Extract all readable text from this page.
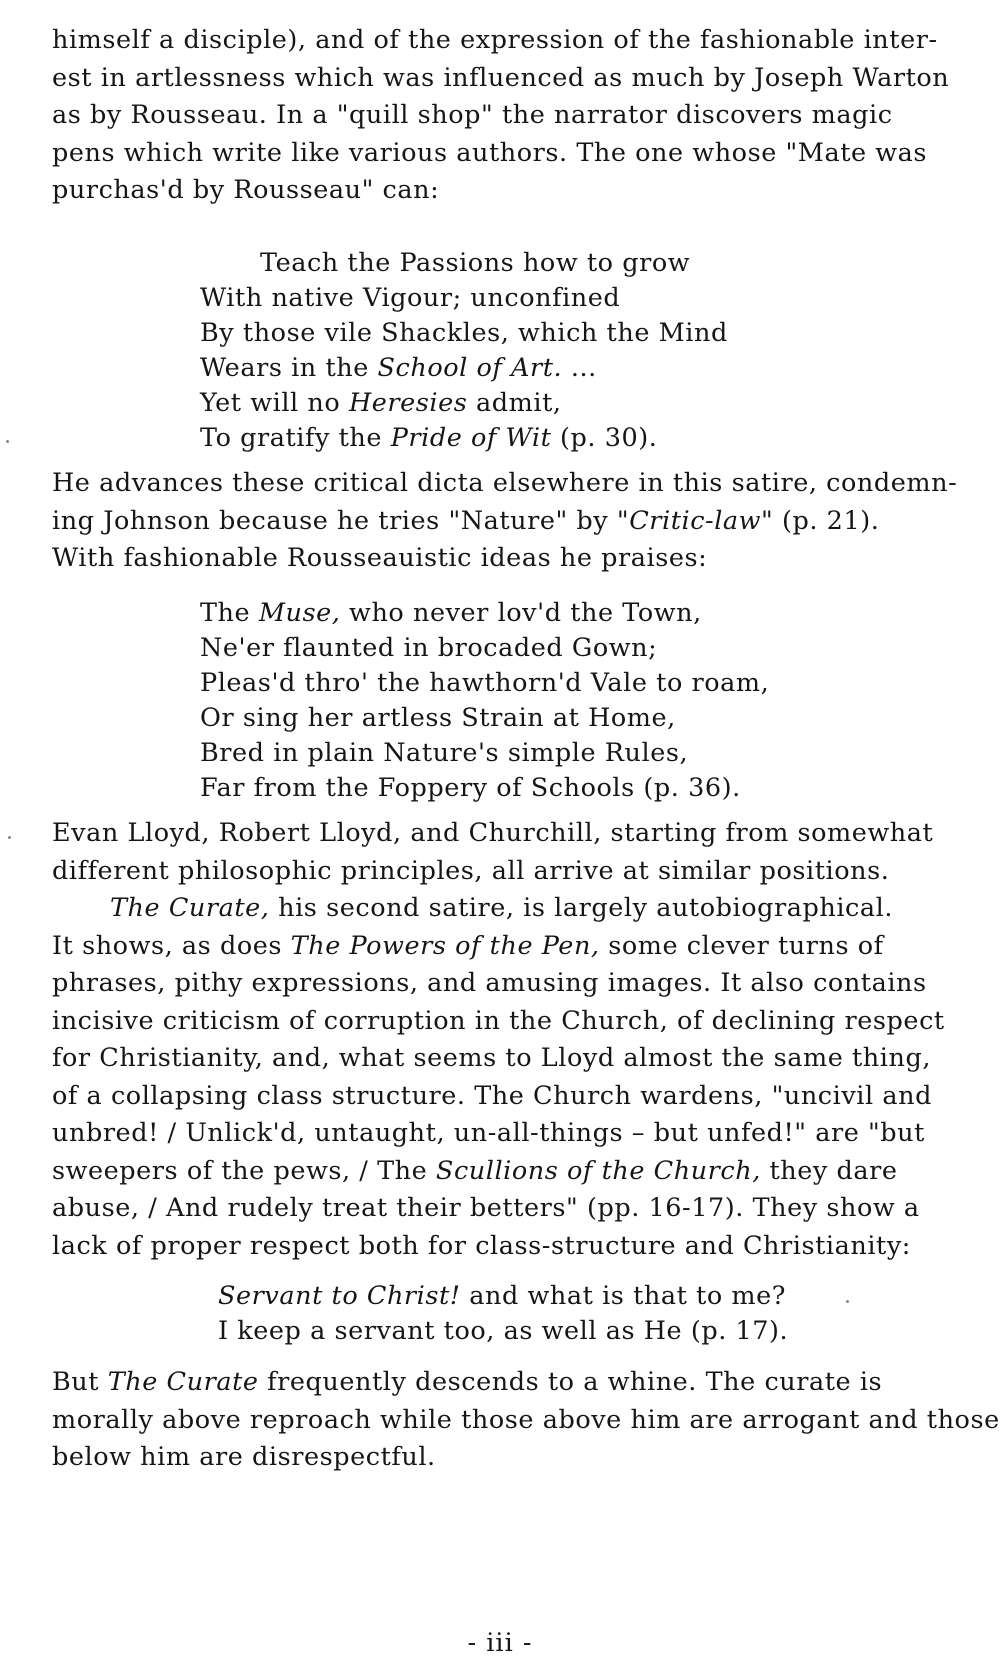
himself a disciple), and of the expression of the fashionable inter-
est in artlessness which was influenced as much by Joseph Warton
as by Rousseau. In a "quill shop" the narrator discovers magic
pens which write like various authors. The one whose "Mate was
purchas'd by Rousseau" can:

Teach the Passions how to grow
With native Vigour; unconfined
By those vile Shackles, which the Mind
Wears in the School of Art. ...
Yet will no Heresies admit,
To gratify the Pride of Wit (p. 30).

He advances these critical dicta elsewhere in this satire, condemn-
ing Johnson because he tries "Nature" by "Critic-law" (p. 21).
With fashionable Rousseauistic ideas he praises:

The Muse, who never lov'd the Town,
Ne'er flaunted in brocaded Gown;
Pleas'd thro' the hawthorn'd Vale to roam,
Or sing her artless Strain at Home,
Bred in plain Nature's simple Rules,
Far from the Foppery of Schools (p. 36).

Evan Lloyd, Robert Lloyd, and Churchill, starting from somewhat
different philosophic principles, all arrive at similar positions.
The Curate, his second satire, is largely autobiographical.
It shows, as does The Powers of the Pen, some clever turns of
phrases, pithy expressions, and amusing images. It also contains
incisive criticism of corruption in the Church, of declining respect
for Christianity, and, what seems to Lloyd almost the same thing,
of a collapsing class structure. The Church wardens, "uncivil and
unbred! / Unlick'd, untaught, un-all-things – but unfed!" are "but
sweepers of the pews, / The Scullions of the Church, they dare
abuse, / And rudely treat their betters" (pp. 16-17). They show a
lack of proper respect both for class-structure and Christianity:

Servant to Christ! and what is that to me?
I keep a servant too, as well as He (p. 17).

But The Curate frequently descends to a whine. The curate is
morally above reproach while those above him are arrogant and those
below him are disrespectful.

- iii -
